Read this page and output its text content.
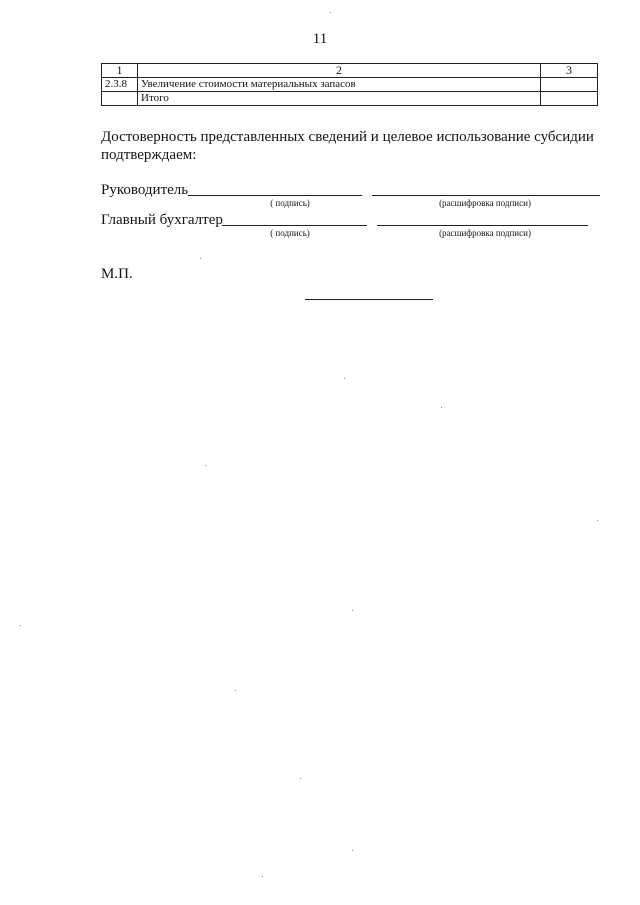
11
1	2	3
2.3.8	Увеличение стоимости материальных запасов	
	Итого	
Достоверность представленных сведений и целевое использование субсидии подтверждаем:
Руководитель
( подпись)	(расшифровка подписи)
Главный бухгалтер
( подпись)	(расшифровка подписи)
М.П.
